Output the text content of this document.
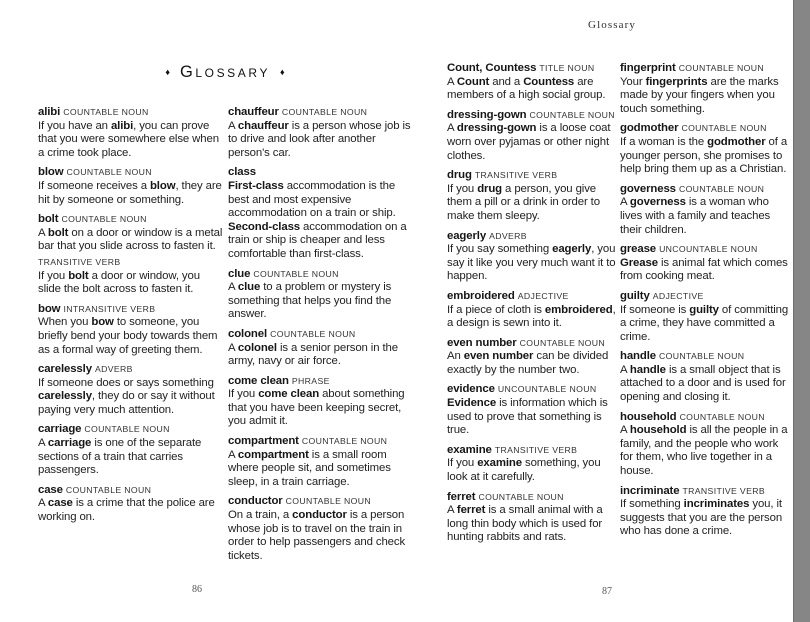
Glossary
♦ Glossary ♦
alibi COUNTABLE NOUN
If you have an alibi, you can prove that you were somewhere else when a crime took place.
blow COUNTABLE NOUN
If someone receives a blow, they are hit by someone or something.
bolt COUNTABLE NOUN
A bolt on a door or window is a metal bar that you slide across to fasten it.
TRANSITIVE VERB
If you bolt a door or window, you slide the bolt across to fasten it.
bow INTRANSITIVE VERB
When you bow to someone, you briefly bend your body towards them as a formal way of greeting them.
carelessly ADVERB
If someone does or says something carelessly, they do or say it without paying very much attention.
carriage COUNTABLE NOUN
A carriage is one of the separate sections of a train that carries passengers.
case COUNTABLE NOUN
A case is a crime that the police are working on.
chauffeur COUNTABLE NOUN
A chauffeur is a person whose job is to drive and look after another person's car.
class
First-class accommodation is the best and most expensive accommodation on a train or ship. Second-class accommodation on a train or ship is cheaper and less comfortable than first-class.
clue COUNTABLE NOUN
A clue to a problem or mystery is something that helps you find the answer.
colonel COUNTABLE NOUN
A colonel is a senior person in the army, navy or air force.
come clean PHRASE
If you come clean about something that you have been keeping secret, you admit it.
compartment COUNTABLE NOUN
A compartment is a small room where people sit, and sometimes sleep, in a train carriage.
conductor COUNTABLE NOUN
On a train, a conductor is a person whose job is to travel on the train in order to help passengers and check tickets.
Count, Countess TITLE NOUN
A Count and a Countess are members of a high social group.
dressing-gown COUNTABLE NOUN
A dressing-gown is a loose coat worn over pyjamas or other night clothes.
drug TRANSITIVE VERB
If you drug a person, you give them a pill or a drink in order to make them sleepy.
eagerly ADVERB
If you say something eagerly, you say it like you very much want it to happen.
embroidered ADJECTIVE
If a piece of cloth is embroidered, a design is sewn into it.
even number COUNTABLE NOUN
An even number can be divided exactly by the number two.
evidence UNCOUNTABLE NOUN
Evidence is information which is used to prove that something is true.
examine TRANSITIVE VERB
If you examine something, you look at it carefully.
ferret COUNTABLE NOUN
A ferret is a small animal with a long thin body which is used for hunting rabbits and rats.
fingerprint COUNTABLE NOUN
Your fingerprints are the marks made by your fingers when you touch something.
godmother COUNTABLE NOUN
If a woman is the godmother of a younger person, she promises to help bring them up as a Christian.
governess COUNTABLE NOUN
A governess is a woman who lives with a family and teaches their children.
grease UNCOUNTABLE NOUN
Grease is animal fat which comes from cooking meat.
guilty ADJECTIVE
If someone is guilty of committing a crime, they have committed a crime.
handle COUNTABLE NOUN
A handle is a small object that is attached to a door and is used for opening and closing it.
household COUNTABLE NOUN
A household is all the people in a family, and the people who work for them, who live together in a house.
incriminate TRANSITIVE VERB
If something incriminates you, it suggests that you are the person who has done a crime.
86	87
